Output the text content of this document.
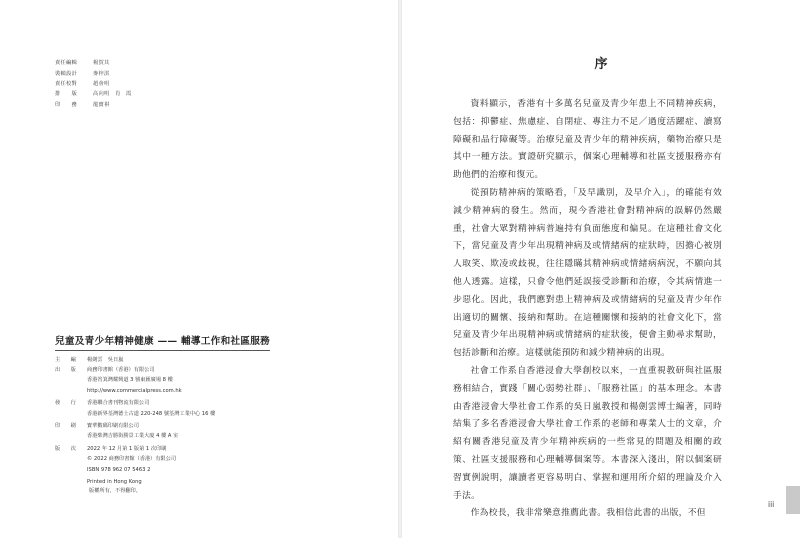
責任編輯	楊賀其
裝幀設計	麥梓淇
責任校對	趙會明
排　　版	高向明　肖　霞
印　　務	龍寶祺
兒童及青少年精神健康 —— 輔導工作和社區服務
主　　編	楊劍雲　吳日嵐
出　　版	商務印書館（香港）有限公司
香港筲箕灣耀興道 3 號東匯廣場 8 樓
http://www.commercialpress.com.hk
發　　行	香港聯合書刊物流有限公司
香港新界荃灣德士古道 220-248 號荃灣工業中心 16 樓
印　　刷	寶華數碼印刷有限公司
香港柴灣吉勝街勝景工業大廈 4 樓 A 室
版　　次	2022 年 12 月第 1 版第 1 次印刷
© 2022 商務印書館（香港）有限公司
ISBN 978 962 07 5463 2
Printed in Hong Kong
版權所有，不得翻印。
序

資料顯示，香港有十多萬名兒童及青少年患上不同精神疾病，包括：抑鬱症、焦慮症、自閉症、專注力不足／過度活躍症、讀寫障礙和品行障礙等。治療兒童及青少年的精神疾病，藥物治療只是其中一種方法。實證研究顯示，個案心理輔導和社區支援服務亦有助他們的治療和復元。

從預防精神病的策略看，「及早識別，及早介入」，的確能有效減少精神病的發生。然而，現今香港社會對精神病的誤解仍然嚴重，社會大眾對精神病普遍持有負面態度和偏見。在這種社會文化下，當兒童及青少年出現精神病及或情緒病的症狀時，因擔心被別人取笑、欺凌或歧視，往往隱瞞其精神病或情緒病病況，不願向其他人透露。這樣，只會令他們延誤接受診斷和治療，令其病情進一步惡化。因此，我們應對患上精神病及或情緒病的兒童及青少年作出適切的關懷、接納和幫助。在這種關懷和接納的社會文化下，當兒童及青少年出現精神病或情緒病的症狀後，便會主動尋求幫助，包括診斷和治療。這樣就能預防和減少精神病的出現。

社會工作系自香港浸會大學創校以來，一直重視教研與社區服務相結合，實踐「關心弱勢社群」、「服務社區」的基本理念。本書由香港浸會大學社會工作系的吳日嵐教授和楊劍雲博士編著，同時結集了多名香港浸會大學社會工作系的老師和專業人士的文章，介紹有關香港兒童及青少年精神疾病的一些常見的問題及相關的政策、社區支援服務和心理輔導個案等。本書深入淺出，附以個案研習實例說明，讓讀者更容易明白、掌握和運用所介紹的理論及介入手法。

作為校長，我非常樂意推薦此書。我相信此書的出版，不但

iii
